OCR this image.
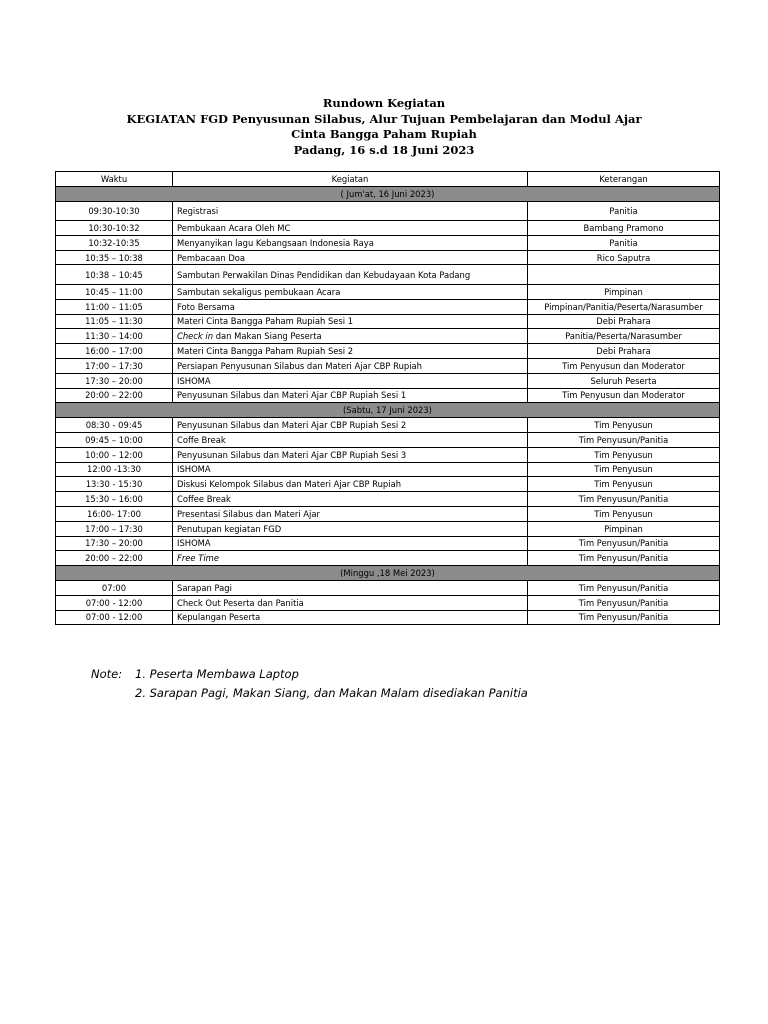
Rundown Kegiatan
KEGIATAN FGD Penyusunan Silabus, Alur Tujuan Pembelajaran dan Modul Ajar
Cinta Bangga Paham Rupiah
Padang, 16 s.d 18 Juni 2023
Waktu	Kegiatan	Keterangan
( Jum'at, 16 Juni 2023)		
09:30-10:30	Registrasi	Panitia
10:30-10:32	Pembukaan Acara Oleh MC	Bambang Pramono
10:32-10:35	Menyanyikan lagu Kebangsaan Indonesia Raya	Panitia
10:35 – 10:38	Pembacaan Doa	Rico Saputra
10:38 – 10:45	Sambutan Perwakilan Dinas Pendidikan dan Kebudayaan Kota Padang	
10:45 – 11:00	Sambutan sekaligus pembukaan Acara	Pimpinan
11:00 – 11:05	Foto Bersama	Pimpinan/Panitia/Peserta/Narasumber
11:05 – 11:30	Materi Cinta Bangga Paham Rupiah Sesi 1	Debi Prahara
11:30 – 14:00	Check in dan Makan Siang Peserta	Panitia/Peserta/Narasumber
16:00 – 17:00	Materi Cinta Bangga Paham Rupiah Sesi 2	Debi Prahara
17:00 – 17:30	Persiapan Penyusunan Silabus dan Materi Ajar CBP Rupiah	Tim Penyusun dan Moderator
17:30 – 20:00	ISHOMA	Seluruh Peserta
20:00 – 22:00	Penyusunan Silabus dan Materi Ajar CBP Rupiah Sesi 1	Tim Penyusun dan Moderator
(Sabtu, 17 Juni 2023)		
08:30 - 09:45	Penyusunan Silabus dan Materi Ajar CBP Rupiah Sesi 2	Tim Penyusun
09:45 – 10:00	Coffe Break	Tim Penyusun/Panitia
10:00 – 12:00	Penyusunan Silabus dan Materi Ajar CBP Rupiah Sesi 3	Tim Penyusun
12:00 -13:30	ISHOMA	Tim Penyusun
13:30 - 15:30	Diskusi Kelompok Silabus dan Materi Ajar CBP Rupiah	Tim Penyusun
15:30 – 16:00	Coffee Break	Tim Penyusun/Panitia
16:00- 17:00	Presentasi Silabus dan Materi Ajar	Tim Penyusun
17:00 – 17:30	Penutupan kegiatan FGD	Pimpinan
17:30 – 20:00	ISHOMA	Tim Penyusun/Panitia
20:00 – 22:00	Free Time	Tim Penyusun/Panitia
(Minggu ,18 Mei 2023)		
07:00	Sarapan Pagi	Tim Penyusun/Panitia
07:00 - 12:00	Check Out Peserta dan Panitia	Tim Penyusun/Panitia
07:00 - 12:00	Kepulangan Peserta	Tim Penyusun/Panitia
Note:	1. Peserta Membawa Laptop
2. Sarapan Pagi, Makan Siang, dan Makan Malam disediakan Panitia
